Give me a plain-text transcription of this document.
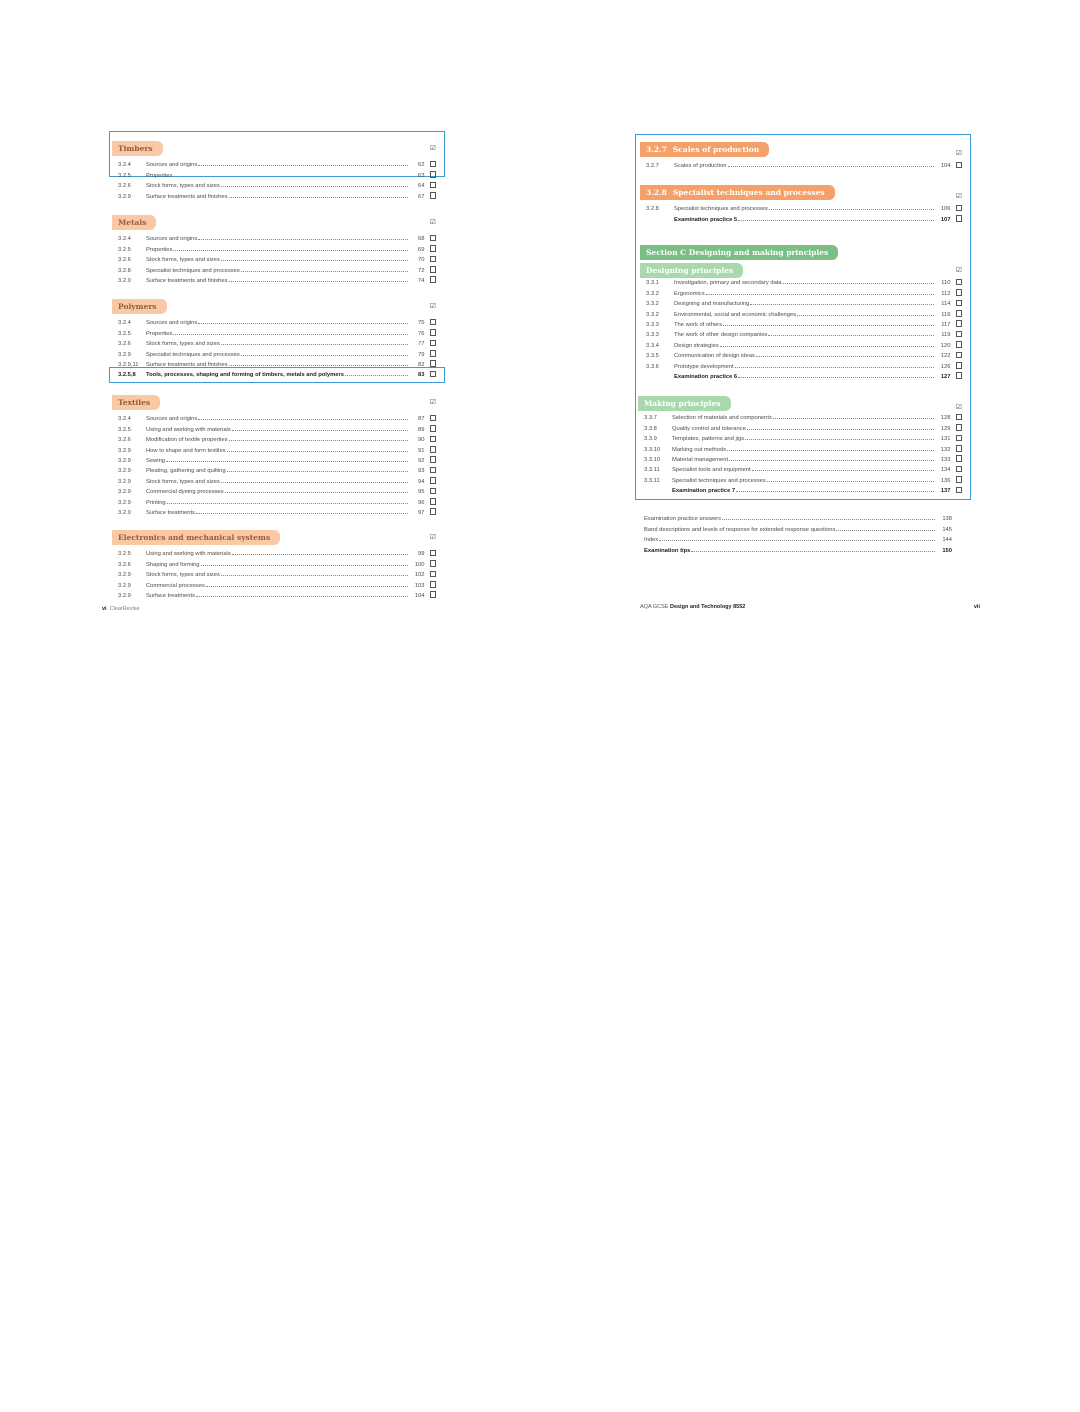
Timbers	☑
3.2.4	Sources and origins	62
3.2.5	Properties	63
3.2.6	Stock forms, types and sizes	64
3.2.9	Surface treatments and finishes	67
Metals	☑
3.2.4	Sources and origins	68
3.2.5	Properties	69
3.2.6	Stock forms, types and sizes	70
3.2.8	Specialist techniques and processes	72
3.2.9	Surface treatments and finishes	74
Polymers	☑
3.2.4	Sources and origins	75
3.2.5	Properties	76
3.2.6	Stock forms, types and sizes	77
3.2.9	Specialist techniques and processes	79
3.2.9,11	Surface treatments and finishes	82
3.2.5,8	Tools, processes, shaping and forming of timbers, metals and polymers	83
Textiles	☑
3.2.4	Sources and origins	87
3.2.5	Using and working with materials	89
3.2.6	Modification of textile properties	90
3.2.9	How to shape and form textiles	91
3.2.9	Sewing	92
3.2.9	Pleating, gathering and quilting	93
3.2.9	Stock forms, types and sizes	94
3.2.9	Commercial dyeing processes	95
3.2.9	Printing	96
3.2.9	Surface treatments	97
Electronics and mechanical systems	☑
3.2.5	Using and working with materials	99
3.2.6	Shaping and forming	100
3.2.9	Stock forms, types and sizes	102
3.2.9	Commercial processes	103
3.2.9	Surface treatments	104
vi ClearRevise
3.2.7 Scales of production	☑
3.2.7	Scales of production	104
3.2.8 Specialist techniques and processes	☑
3.2.8	Specialist techniques and processes	106
Examination practice 5	107
Section C Designing and making principles
Designing principles	☑
3.3.1	Investigation, primary and secondary data	110
3.3.2	Ergonomics	112
3.3.2	Designing and manufacturing	114
3.3.2	Environmental, social and economic challenges	116
3.3.3	The work of others	117
3.3.3	The work of other design companies	119
3.3.4	Design strategies	120
3.3.5	Communication of design ideas	122
3.3.6	Prototype development	126
Examination practice 6	127
Making principles	☑
3.3.7	Selection of materials and components	128
3.3.8	Quality control and tolerance	129
3.3.9	Templates, patterns and jigs	131
3.3.10	Marking out methods	132
3.3.10	Material management	133
3.3.11	Specialist tools and equipment	134
3.3.11	Specialist techniques and processes	136
Examination practice 7	137
Examination practice answers	138
Band descriptions and levels of response for extended response questions	145
Index	144
Examination tips	150
AQA GCSE Design and Technology 8552	vii
